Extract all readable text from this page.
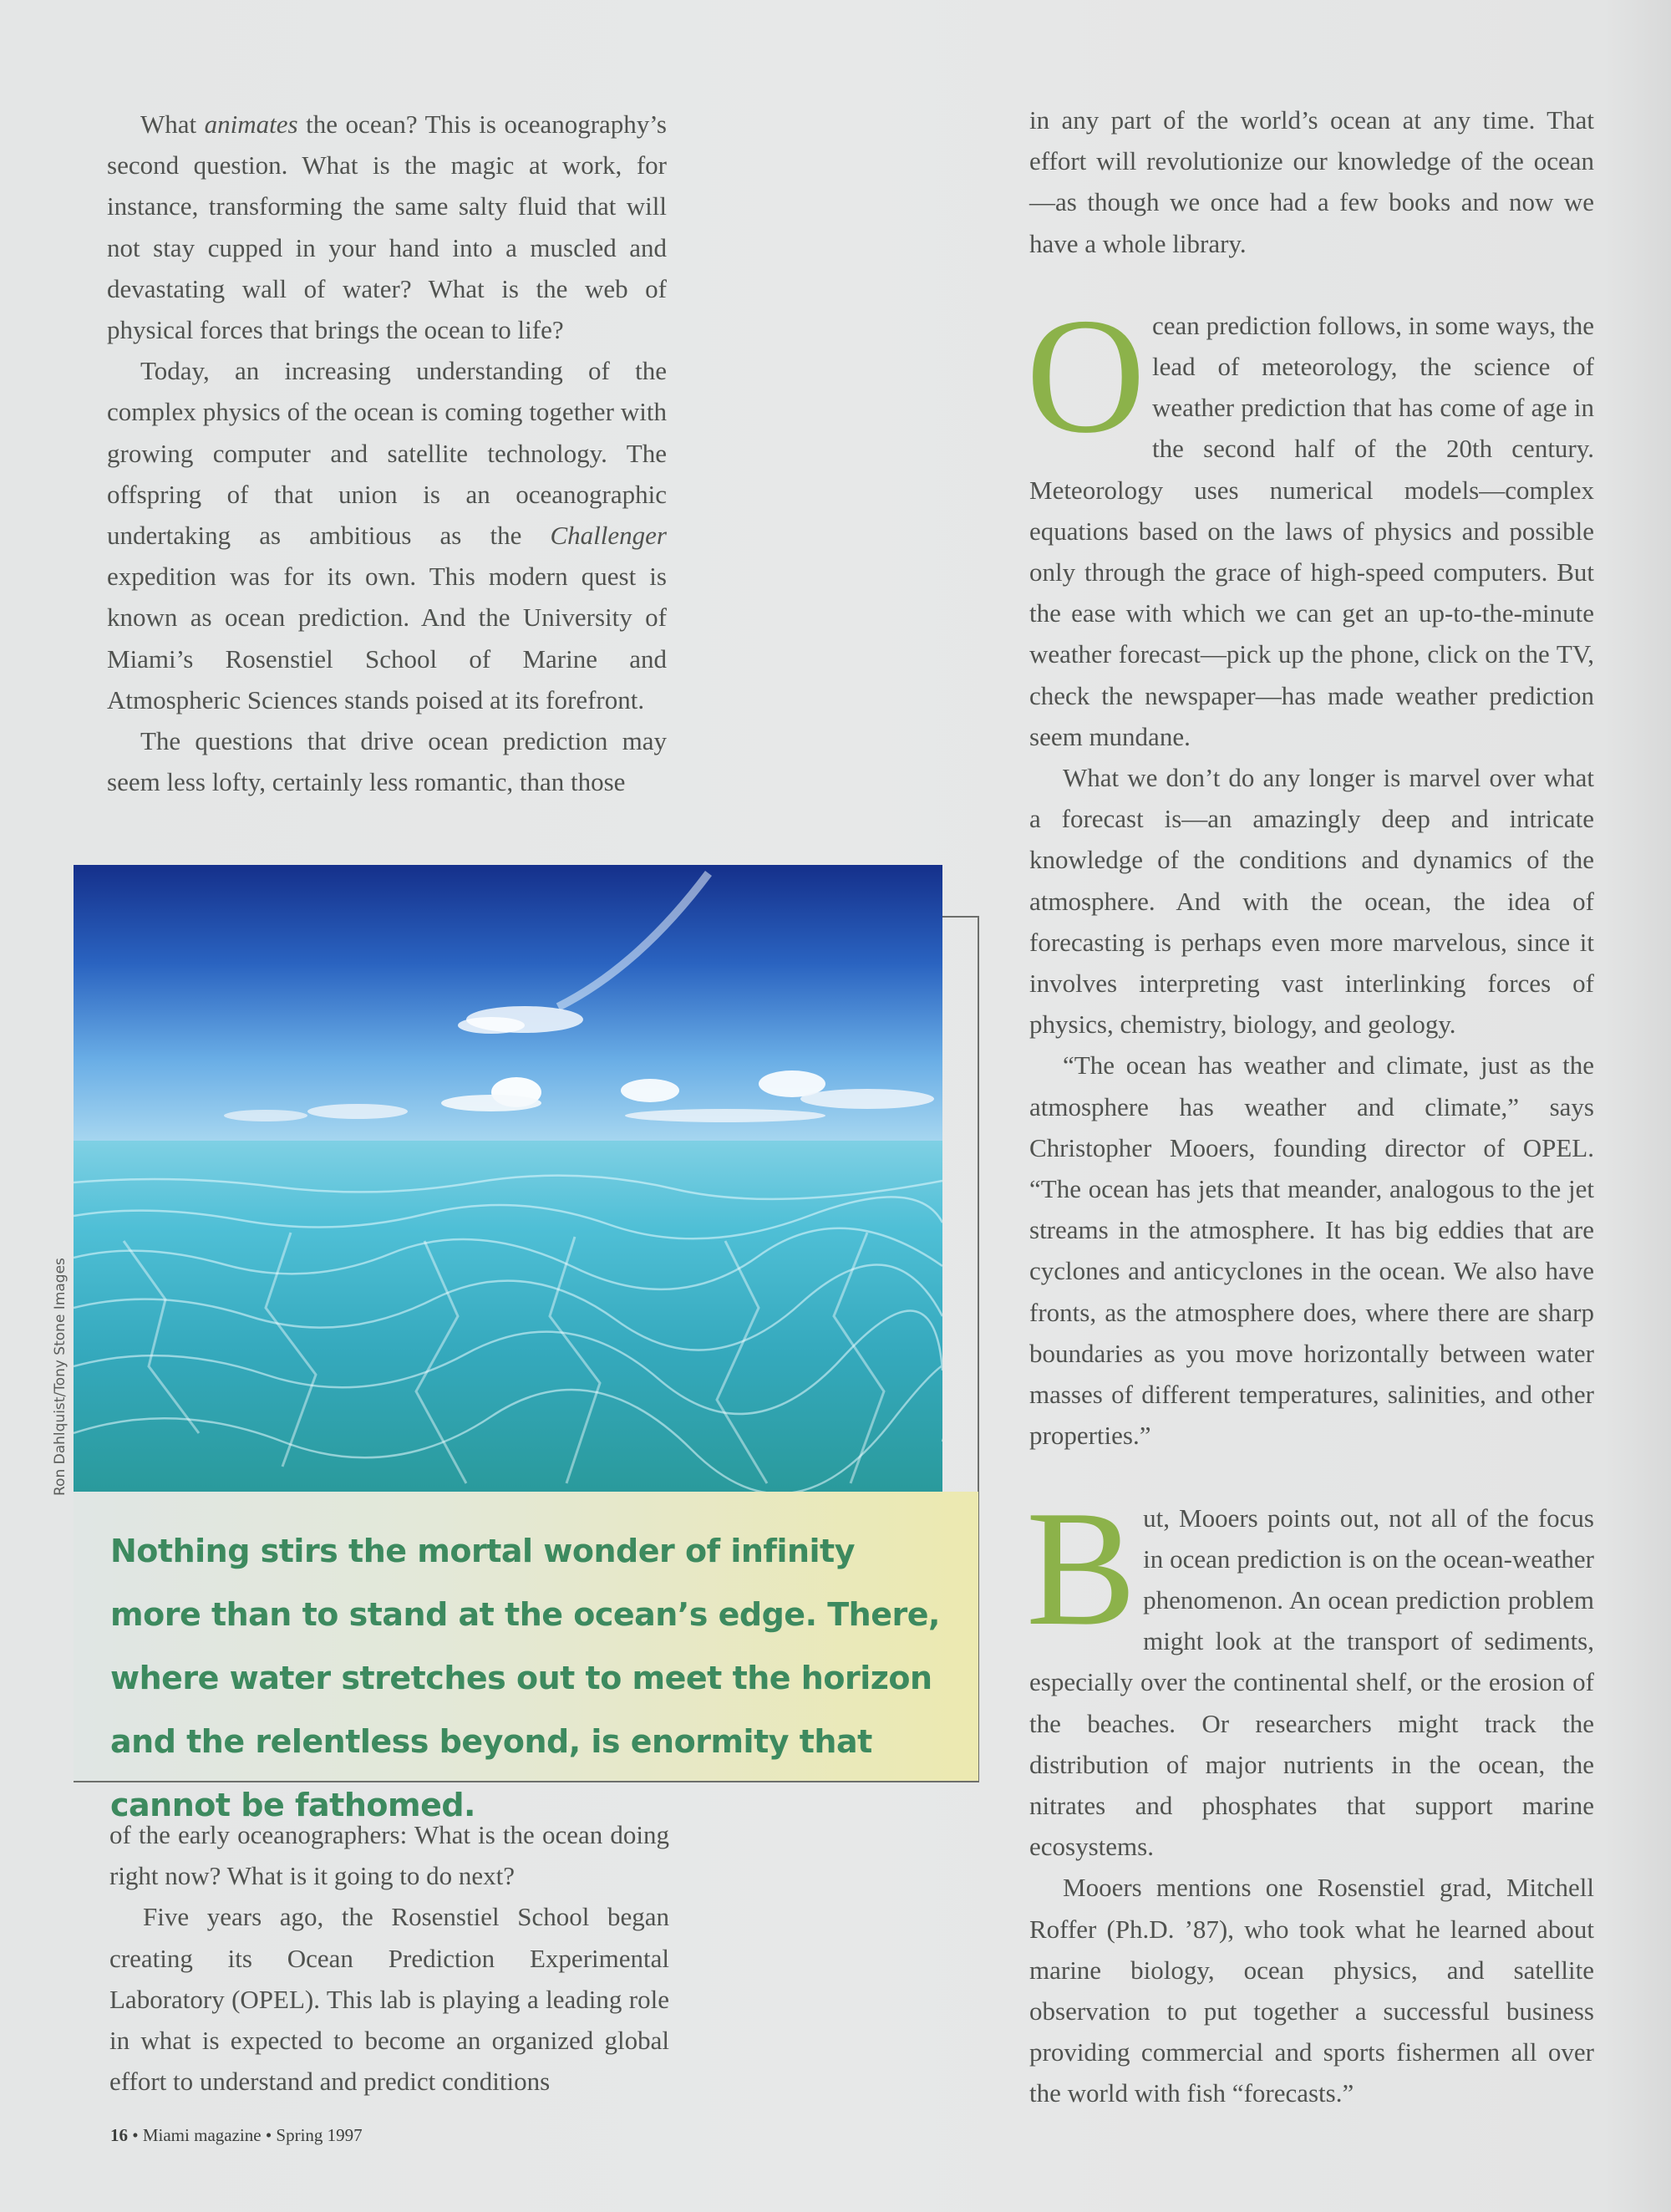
What animates the ocean? This is oceanography’s second question. What is the magic at work, for instance, transforming the same salty fluid that will not stay cupped in your hand into a muscled and devastating wall of water? What is the web of physical forces that brings the ocean to life?

Today, an increasing understanding of the complex physics of the ocean is coming together with growing computer and satellite technology. The offspring of that union is an oceanographic undertaking as ambitious as the Challenger expedition was for its own. This modern quest is known as ocean prediction. And the University of Miami’s Rosenstiel School of Marine and Atmospheric Sciences stands poised at its forefront.

The questions that drive ocean prediction may seem less lofty, certainly less romantic, than those

Nothing stirs the mortal wonder of infinity more than to stand at the ocean’s edge. There, where water stretches out to meet the horizon and the relentless beyond, is enormity that cannot be fathomed.
Ron Dahlquist/Tony Stone Images

of the early oceanographers: What is the ocean doing right now? What is it going to do next?

Five years ago, the Rosenstiel School began creating its Ocean Prediction Experimental Laboratory (OPEL). This lab is playing a leading role in what is expected to become an organized global effort to understand and predict conditions

in any part of the world’s ocean at any time. That effort will revolutionize our knowledge of the ocean—as though we once had a few books and now we have a whole library.

Ocean prediction follows, in some ways, the lead of meteorology, the science of weather prediction that has come of age in the second half of the 20th century. Meteorology uses numerical models—complex equations based on the laws of physics and possible only through the grace of high-speed computers. But the ease with which we can get an up-to-the-minute weather forecast—pick up the phone, click on the TV, check the newspaper—has made weather prediction seem mundane.

What we don’t do any longer is marvel over what a forecast is—an amazingly deep and intricate knowledge of the conditions and dynamics of the atmosphere. And with the ocean, the idea of forecasting is perhaps even more marvelous, since it involves interpreting vast interlinking forces of physics, chemistry, biology, and geology.

“The ocean has weather and climate, just as the atmosphere has weather and climate,” says Christopher Mooers, founding director of OPEL. “The ocean has jets that meander, analogous to the jet streams in the atmosphere. It has big eddies that are cyclones and anticyclones in the ocean. We also have fronts, as the atmosphere does, where there are sharp boundaries as you move horizontally between water masses of different temperatures, salinities, and other properties.”

But, Mooers points out, not all of the focus in ocean prediction is on the ocean-weather phenomenon. An ocean prediction problem might look at the transport of sediments, especially over the continental shelf, or the erosion of the beaches. Or researchers might track the distribution of major nutrients in the ocean, the nitrates and phosphates that support marine ecosystems.

Mooers mentions one Rosenstiel grad, Mitchell Roffer (Ph.D. ’87), who took what he learned about marine biology, ocean physics, and satellite observation to put together a successful business providing commercial and sports fishermen all over the world with fish “forecasts.”

16 • Miami magazine • Spring 1997
